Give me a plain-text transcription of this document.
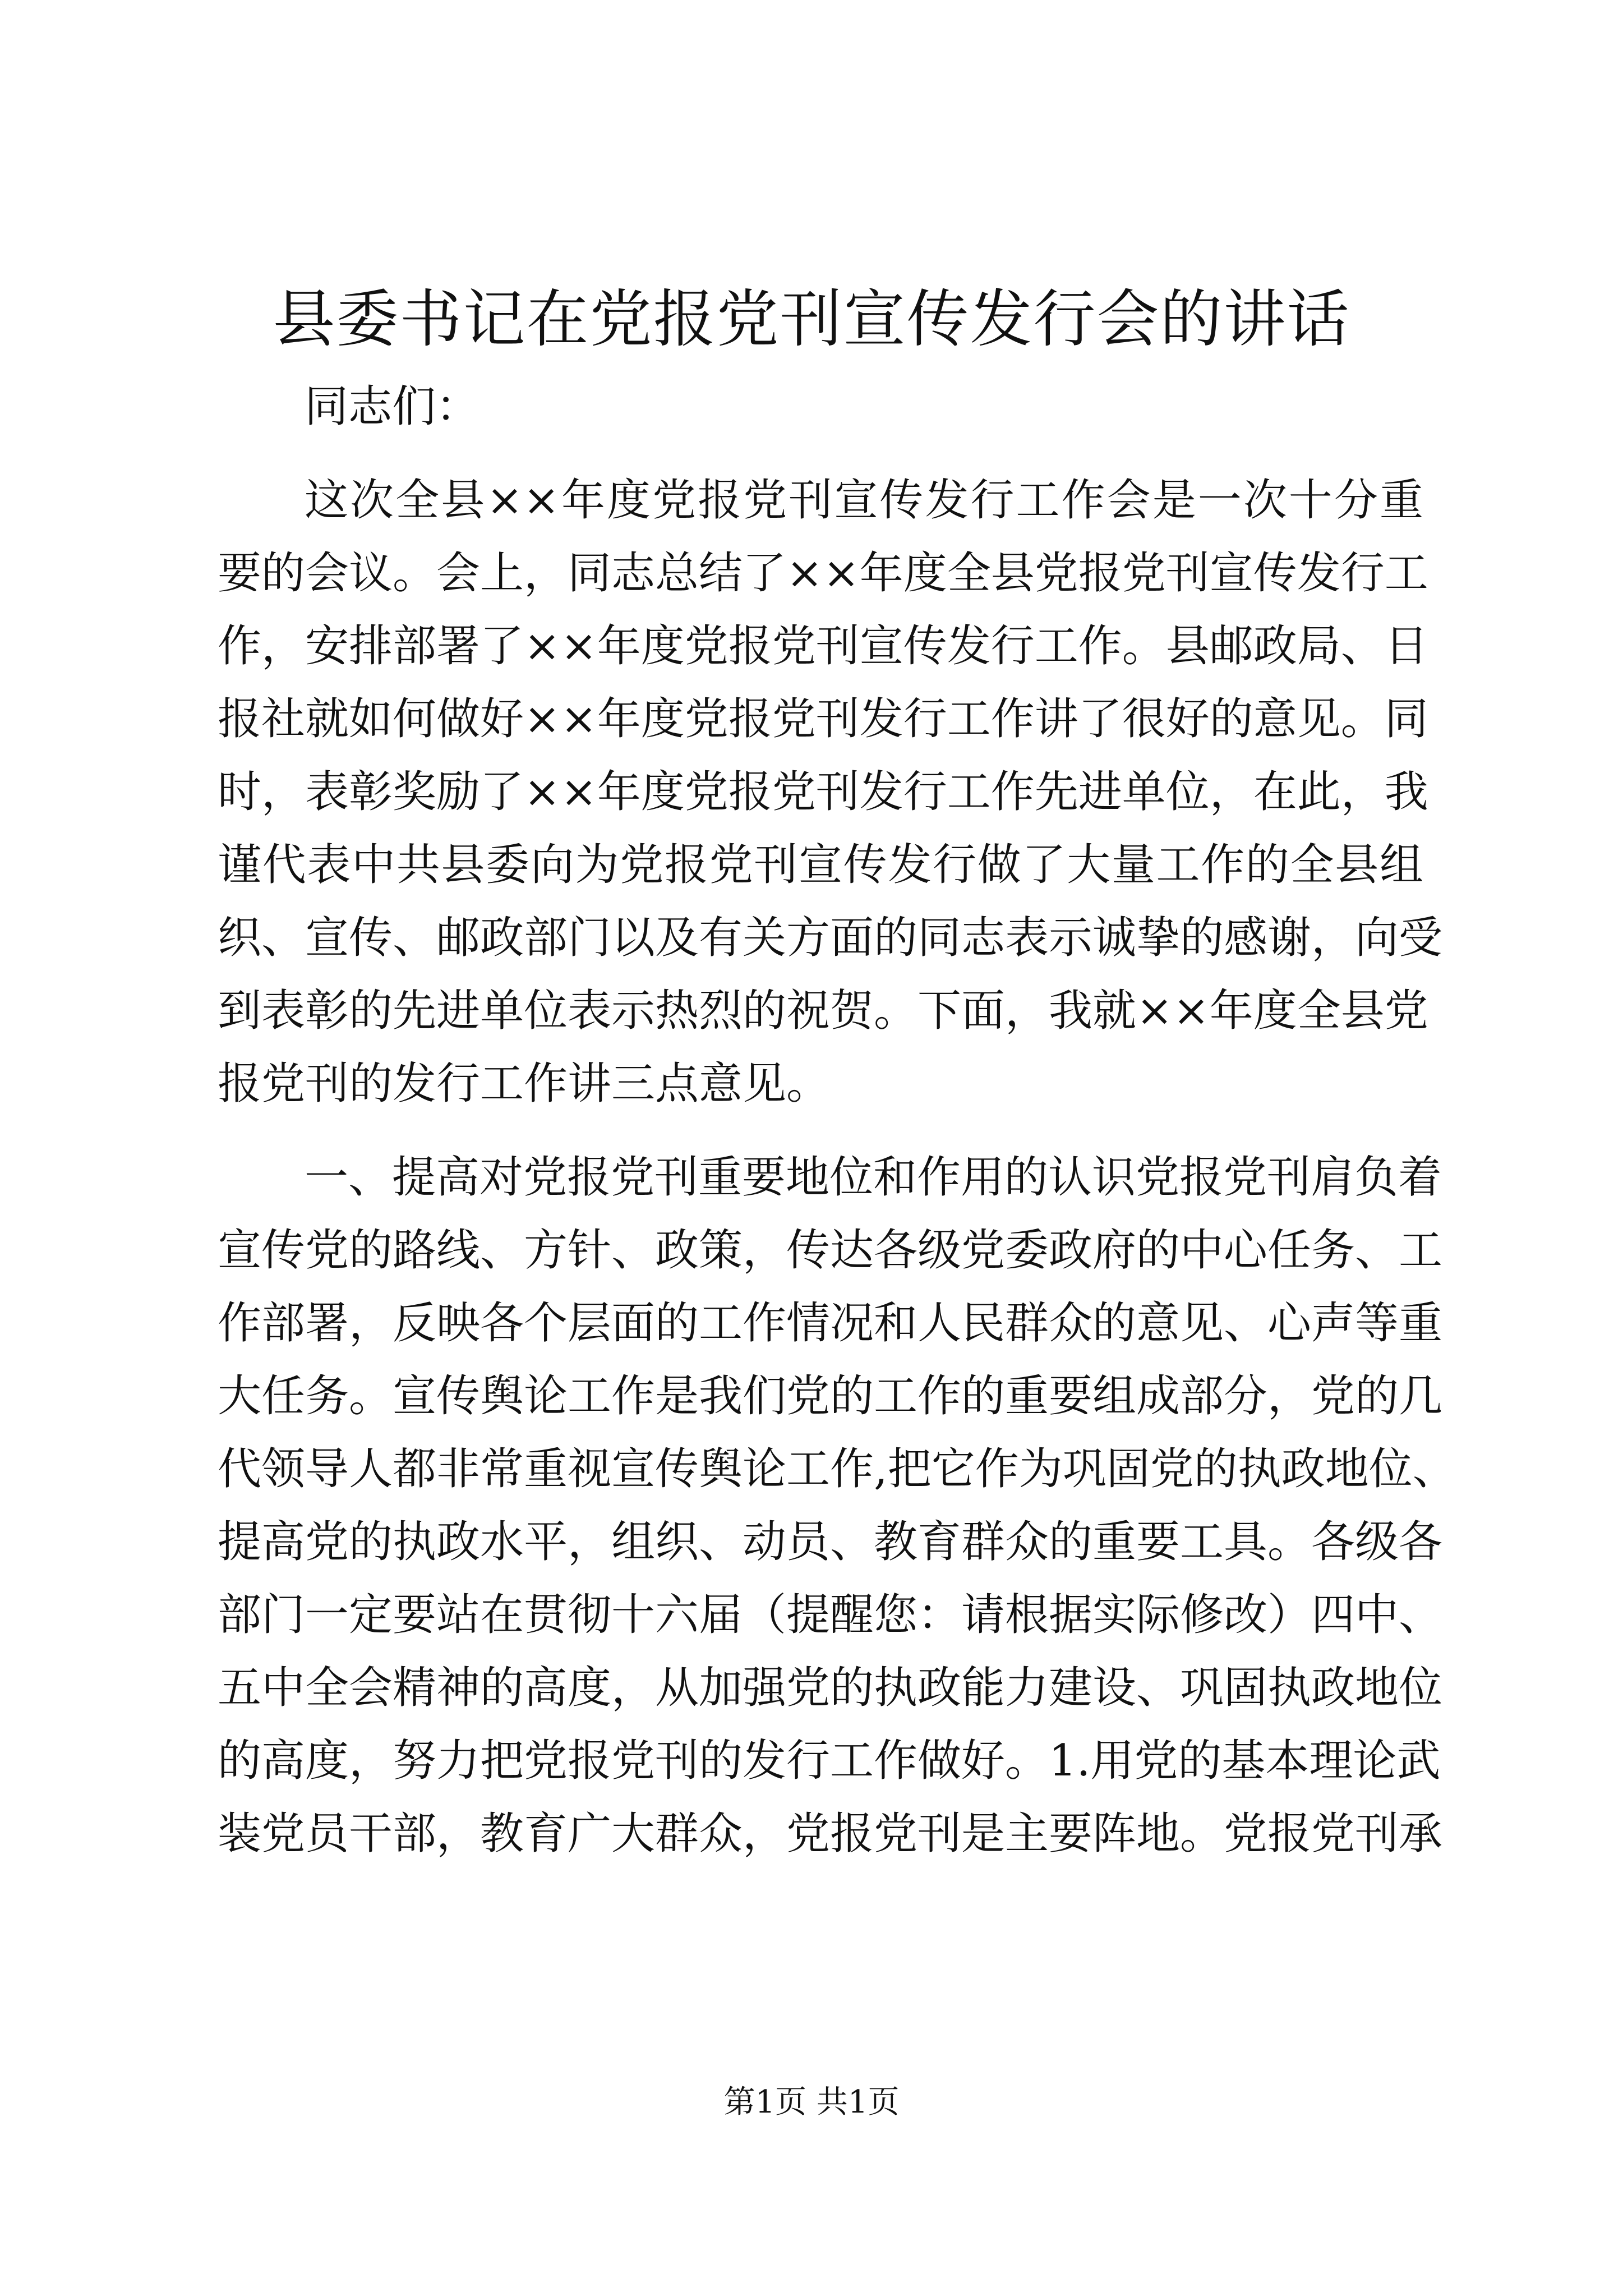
县委书记在党报党刊宣传发行会的讲话
同志们：
这次全县××年度党报党刊宣传发行工作会是一次十分重
要的会议。会上，同志总结了××年度全县党报党刊宣传发行工
作，安排部署了××年度党报党刊宣传发行工作。县邮政局、日
报社就如何做好××年度党报党刊发行工作讲了很好的意见。同
时，表彰奖励了××年度党报党刊发行工作先进单位，在此，我
谨代表中共县委向为党报党刊宣传发行做了大量工作的全县组
织、宣传、邮政部门以及有关方面的同志表示诚挚的感谢，向受
到表彰的先进单位表示热烈的祝贺。下面，我就××年度全县党
报党刊的发行工作讲三点意见。
一、提高对党报党刊重要地位和作用的认识党报党刊肩负着
宣传党的路线、方针、政策，传达各级党委政府的中心任务、工
作部署，反映各个层面的工作情况和人民群众的意见、心声等重
大任务。宣传舆论工作是我们党的工作的重要组成部分，党的几
代领导人都非常重视宣传舆论工作,把它作为巩固党的执政地位、
提高党的执政水平，组织、动员、教育群众的重要工具。各级各
部门一定要站在贯彻十六届（提醒您：请根据实际修改）四中、
五中全会精神的高度，从加强党的执政能力建设、巩固执政地位
的高度，努力把党报党刊的发行工作做好。1.用党的基本理论武
装党员干部，教育广大群众，党报党刊是主要阵地。党报党刊承
第1页 共1页
